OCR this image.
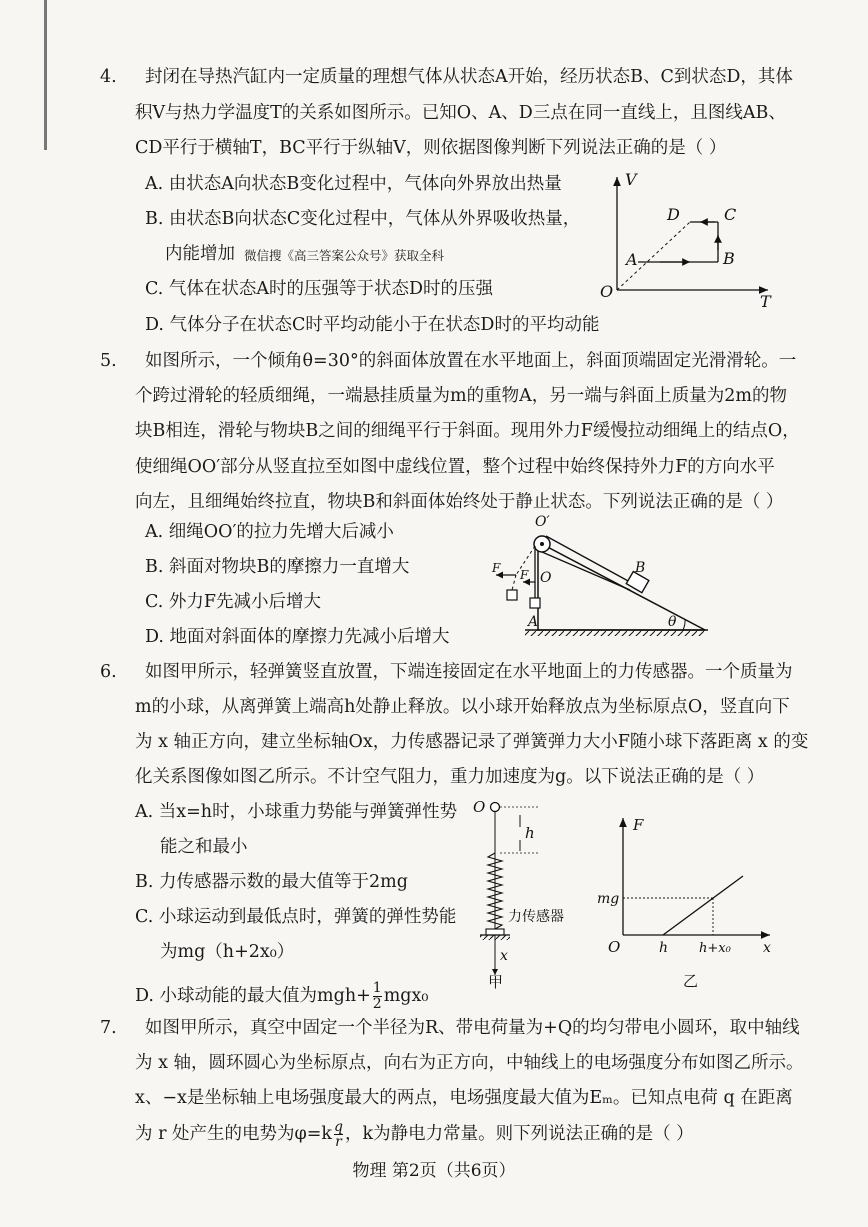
4. 封闭在导热汽缸内一定质量的理想气体从状态A开始，经历状态B、C到状态D，其体
积V与热力学温度T的关系如图所示。已知O、A、D三点在同一直线上，且图线AB、
CD平行于横轴T，BC平行于纵轴V，则依据图像判断下列说法正确的是（ ）
A. 由状态A向状态B变化过程中，气体向外界放出热量
B. 由状态B向状态C变化过程中，气体从外界吸收热量，
内能增加 微信搜《高三答案公众号》获取全科
C. 气体在状态A时的压强等于状态D时的压强
D. 气体分子在状态C时平均动能小于在状态D时的平均动能
V
T
O
A	B
C
D
5. 如图所示，一个倾角θ=30°的斜面体放置在水平地面上，斜面顶端固定光滑滑轮。一
个跨过滑轮的轻质细绳，一端悬挂质量为m的重物A，另一端与斜面上质量为2m的物
块B相连，滑轮与物块B之间的细绳平行于斜面。现用外力F缓慢拉动细绳上的结点O，
使细绳OO′部分从竖直拉至如图中虚线位置，整个过程中始终保持外力F的方向水平
向左，且细绳始终拉直，物块B和斜面体始终处于静止状态。下列说法正确的是（ ）
A. 细绳OO′的拉力先增大后减小
B. 斜面对物块B的摩擦力一直增大
C. 外力F先减小后增大
D. 地面对斜面体的摩擦力先减小后增大
O′
F F O
A
B
θ
6. 如图甲所示，轻弹簧竖直放置，下端连接固定在水平地面上的力传感器。一个质量为
m的小球，从离弹簧上端高h处静止释放。以小球开始释放点为坐标原点O，竖直向下
为 x 轴正方向，建立坐标轴Ox，力传感器记录了弹簧弹力大小F随小球下落距离 x 的变
化关系图像如图乙所示。不计空气阻力，重力加速度为g。以下说法正确的是（ ）
A. 当x=h时，小球重力势能与弹簧弹性势
能之和最小
B. 力传感器示数的最大值等于2mg
C. 小球运动到最低点时，弹簧的弹性势能
为mg（h+2x₀）
D. 小球动能的最大值为$mgh+ \frac{1}{2} mgx_0$
O
h
力传感器
x
甲
F
mg
O	h h+x₀ x
乙
7. 如图甲所示，真空中固定一个半径为R、带电荷量为+Q的均匀带电小圆环，取中轴线
为 x 轴，圆环圆心为坐标原点，向右为正方向，中轴线上的电场强度分布如图乙所示。
x、−x是坐标轴上电场强度最大的两点，电场强度最大值为Eₘ。已知点电荷 q 在距离
为 r 处产生的电势为$\varphi=k \frac{q}{r}$ ，k为静电力常量。则下列说法正确的是（ ）
物理 第2页（共6页）
